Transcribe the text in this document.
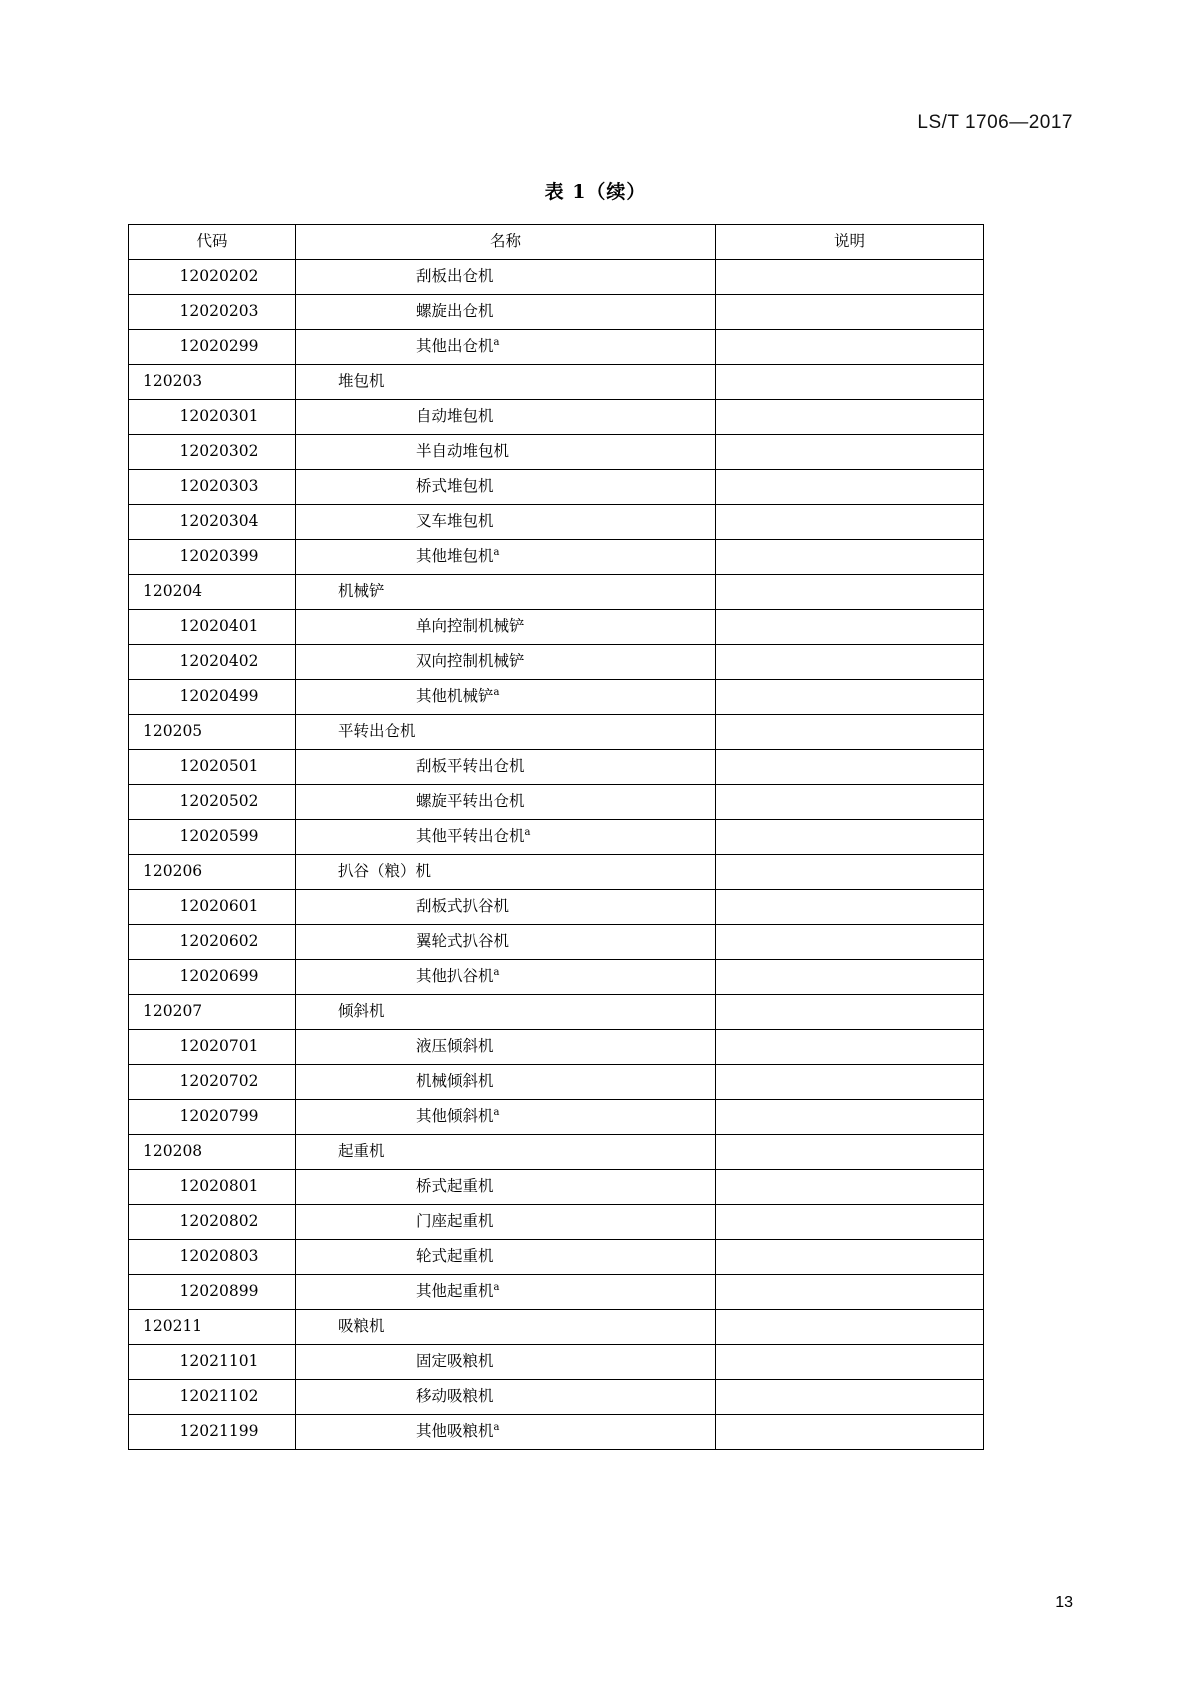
LS/T 1706—2017
表 1（续）
代码	名称	说明
12020202	刮板出仓机	
12020203	螺旋出仓机	
12020299	其他出仓机$^a$	
120203	堆包机	
12020301	自动堆包机	
12020302	半自动堆包机	
12020303	桥式堆包机	
12020304	叉车堆包机	
12020399	其他堆包机$^a$	
120204	机械铲	
12020401	单向控制机械铲	
12020402	双向控制机械铲	
12020499	其他机械铲$^a$	
120205	平转出仓机	
12020501	刮板平转出仓机	
12020502	螺旋平转出仓机	
12020599	其他平转出仓机$^a$	
120206	扒谷（粮）机	
12020601	刮板式扒谷机	
12020602	翼轮式扒谷机	
12020699	其他扒谷机$^a$	
120207	倾斜机	
12020701	液压倾斜机	
12020702	机械倾斜机	
12020799	其他倾斜机$^a$	
120208	起重机	
12020801	桥式起重机	
12020802	门座起重机	
12020803	轮式起重机	
12020899	其他起重机$^a$	
120211	吸粮机	
12021101	固定吸粮机	
12021102	移动吸粮机	
12021199	其他吸粮机$^a$	
13
